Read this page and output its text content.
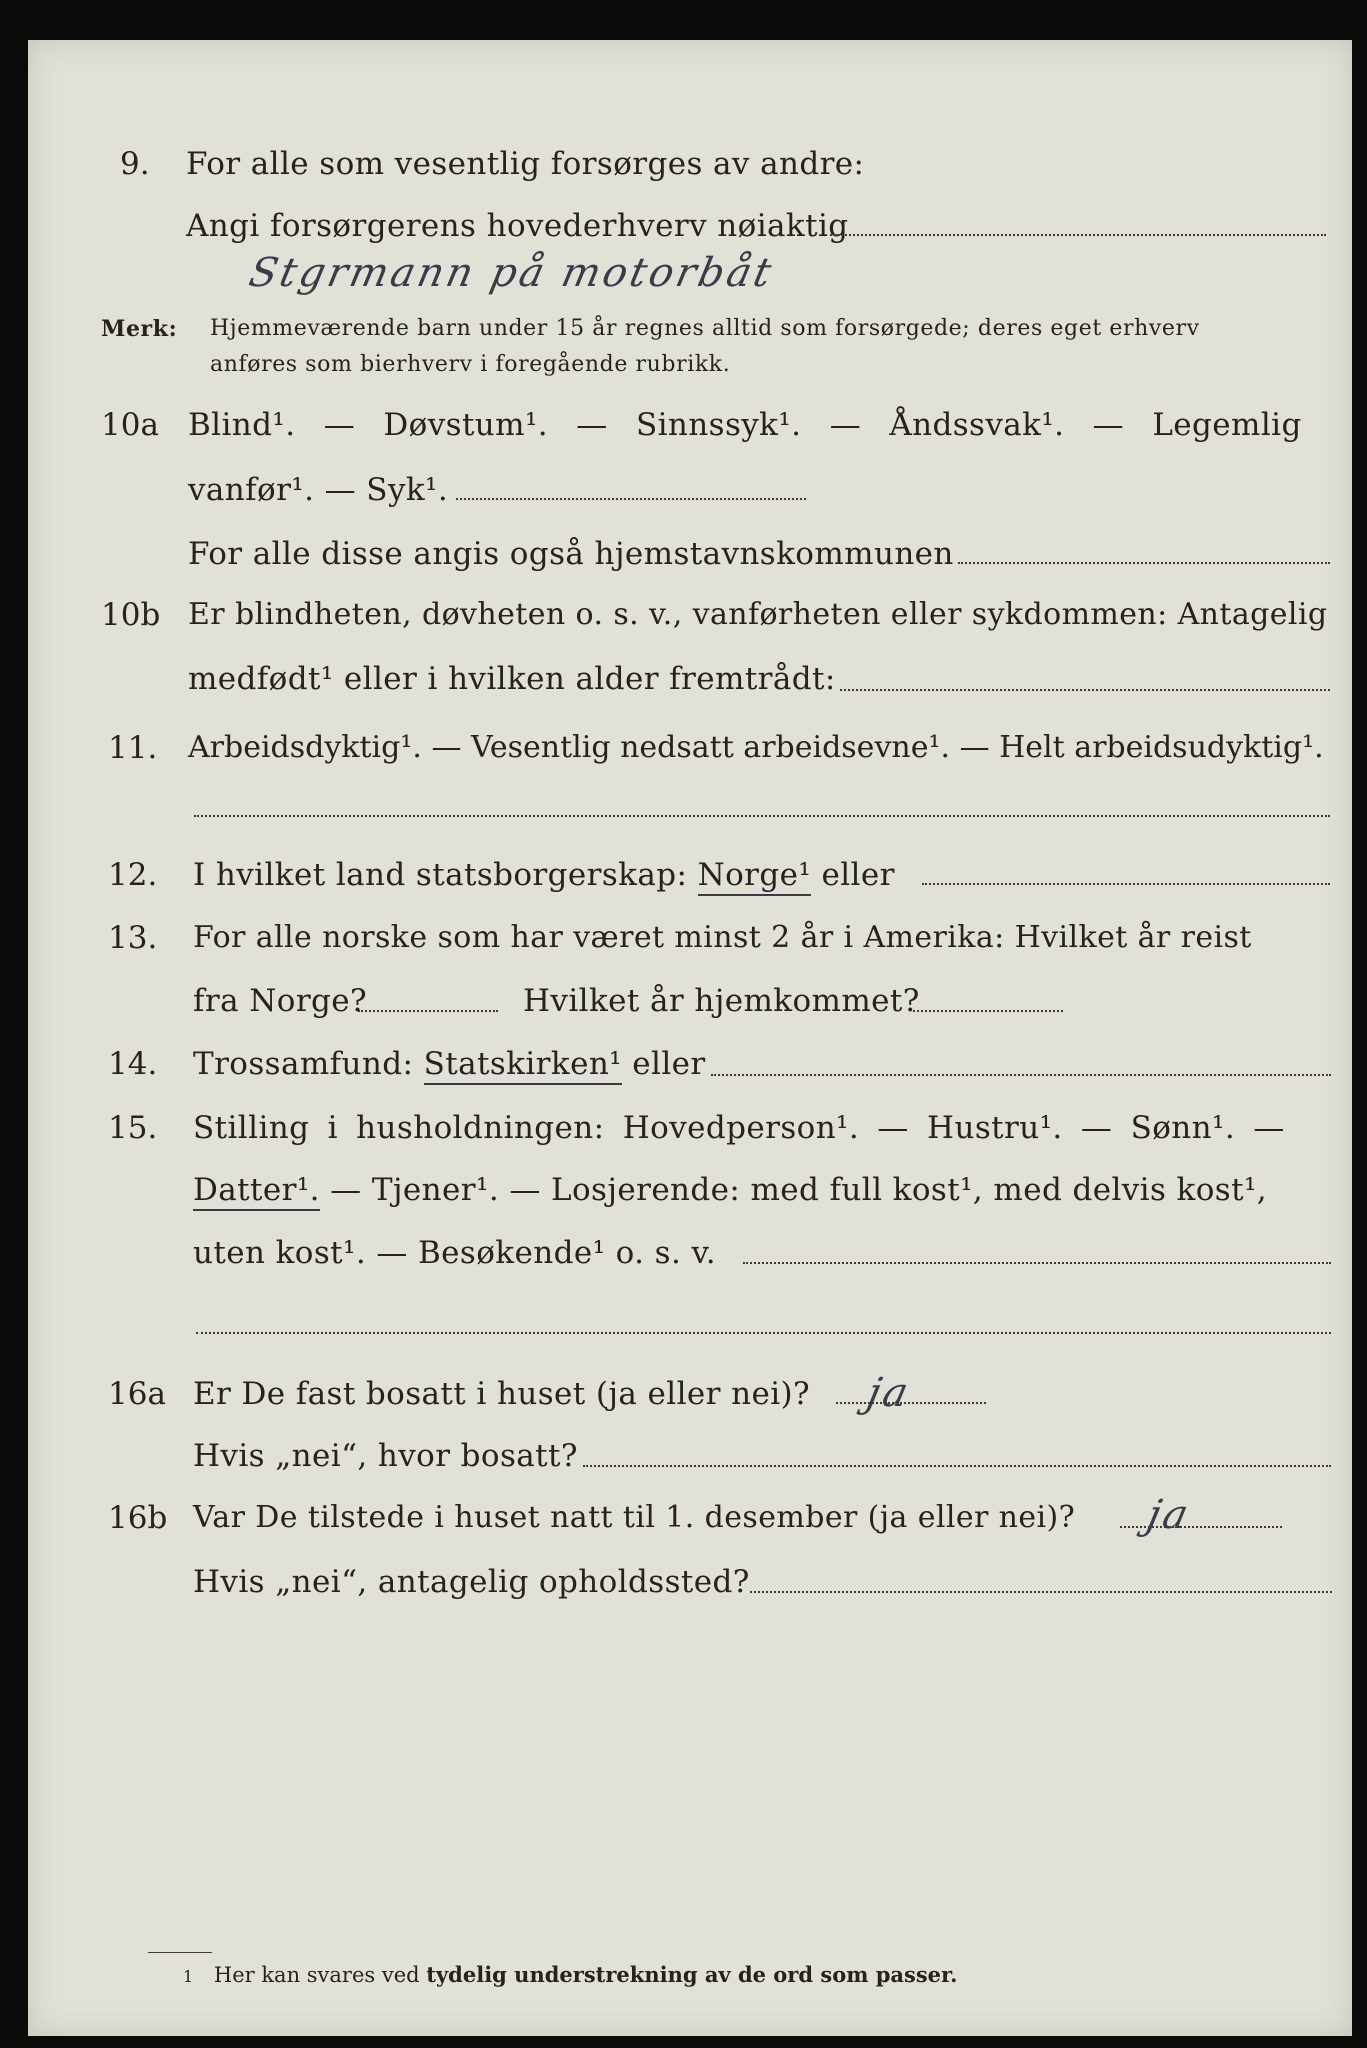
9. For alle som vesentlig forsørges av andre:
Angi forsørgerens hovederhverv nøiaktig
Stgrmann på motorbåt
Merk: Hjemmeværende barn under 15 år regnes alltid som forsørgede; deres eget erhverv
anføres som bierhverv i foregående rubrikk.
10a Blind¹. — Døvstum¹. — Sinnssyk¹. — Åndssvak¹. — Legemlig
vanfør¹. — Syk¹.
For alle disse angis også hjemstavnskommunen
10b Er blindheten, døvheten o. s. v., vanførheten eller sykdommen: Antagelig
medfødt¹ eller i hvilken alder fremtrådt:
11. Arbeidsdyktig¹. — Vesentlig nedsatt arbeidsevne¹. — Helt arbeidsudyktig¹.
12. I hvilket land statsborgerskap: Norge¹ eller
13. For alle norske som har været minst 2 år i Amerika: Hvilket år reist
fra Norge?	Hvilket år hjemkommet?
14. Trossamfund: Statskirken¹ eller
15. Stilling i husholdningen: Hovedperson¹. — Hustru¹. — Sønn¹. —
Datter¹. — Tjener¹. — Losjerende: med full kost¹, med delvis kost¹,
uten kost¹. — Besøkende¹ o. s. v.
16a Er De fast bosatt i huset (ja eller nei)? ja
Hvis „nei“, hvor bosatt?
16b Var De tilstede i huset natt til 1. desember (ja eller nei)? ja
Hvis „nei“, antagelig opholdssted?
1 Her kan svares ved tydelig understrekning av de ord som passer.
